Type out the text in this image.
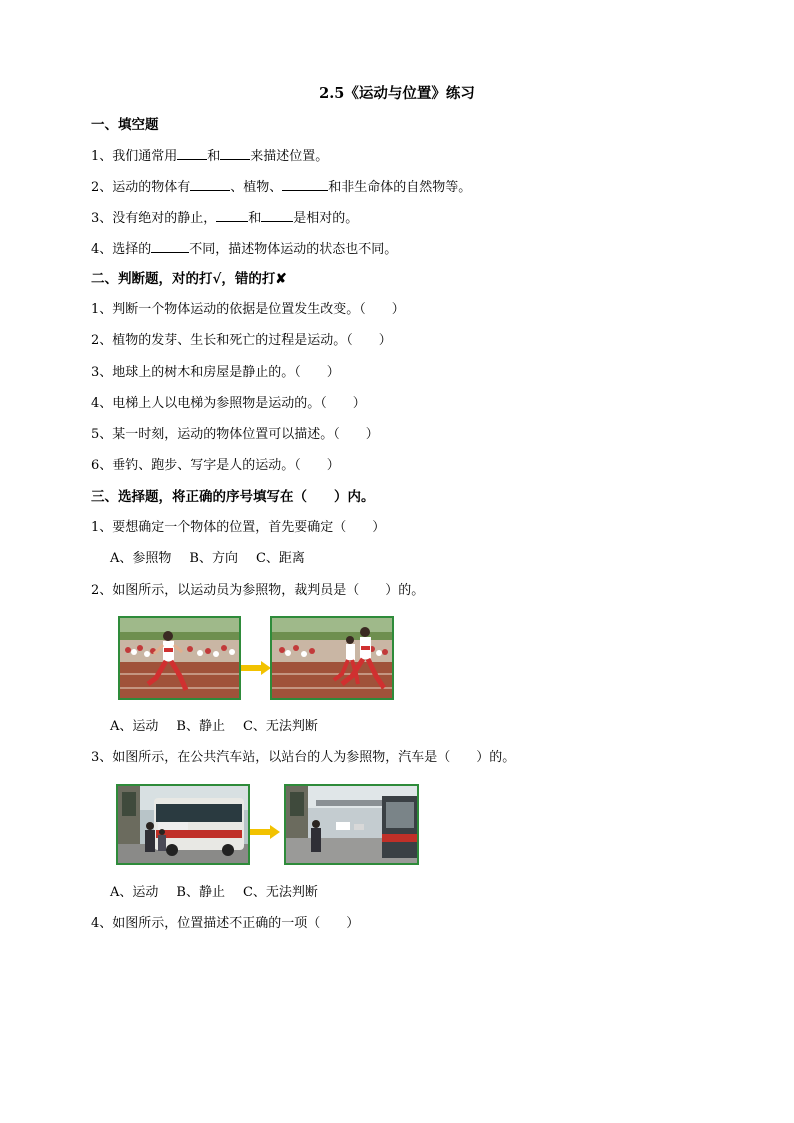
2.5《运动与位置》练习
一、填空题
1、我们通常用 和 来描述位置。
2、运动的物体有	、植物、	和非生命体的自然物等。
3、没有绝对的静止， 和 是相对的。
4、选择的	不同，描述物体运动的状态也不同。
二、判断题，对的打√，错的打✘
1、判断一个物体运动的依据是位置发生改变。（　　）
2、植物的发芽、生长和死亡的过程是运动。（　　）
3、地球上的树木和房屋是静止的。（　　）
4、电梯上人以电梯为参照物是运动的。（　　）
5、某一时刻，运动的物体位置可以描述。（　　）
6、垂钓、跑步、写字是人的运动。（　　）
三、选择题，将正确的序号填写在（　　）内。
1、要想确定一个物体的位置，首先要确定（　　）
A、参照物 B、方向 C、距离
2、如图所示，以运动员为参照物，裁判员是（　　）的。
A、运动 B、静止 C、无法判断
3、如图所示，在公共汽车站，以站台的人为参照物，汽车是（　　）的。
A、运动 B、静止 C、无法判断
4、如图所示，位置描述不正确的一项（　　）
